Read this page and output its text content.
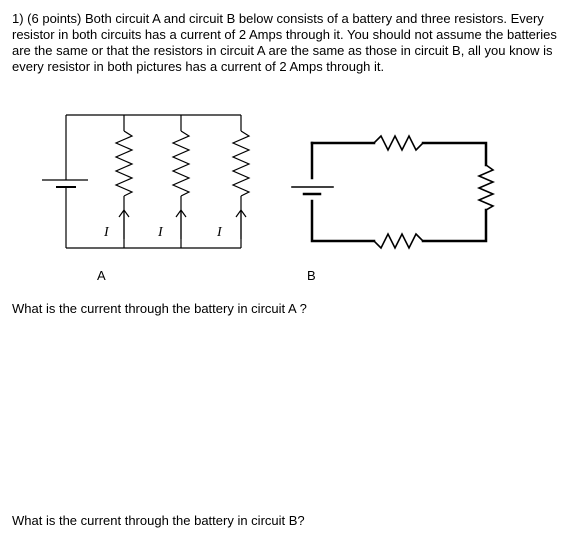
1) (6 points) Both circuit A and circuit B below consists of a battery and three resistors. Every resistor in both circuits has a current of 2 Amps through it. You should not assume the batteries are the same or that the resistors in circuit A are the same as those in circuit B, all you know is every resistor in both pictures has a current of 2 Amps through it.
I	I	I
A	B
What is the current through the battery in circuit A ?
What is the current through the battery in circuit B?
